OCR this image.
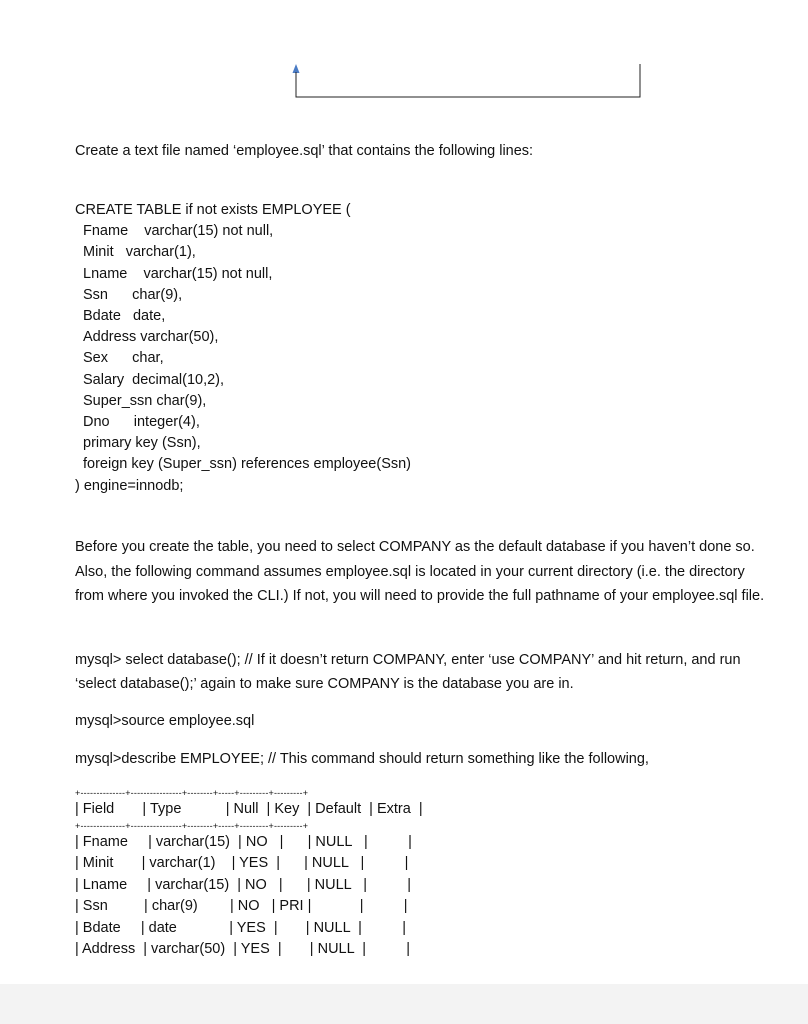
Create a text file named ‘employee.sql’ that contains the following lines:

CREATE TABLE if not exists EMPLOYEE (
Fname    varchar(15) not null,
Minit   varchar(1),
Lname    varchar(15) not null,
Ssn      char(9),
Bdate   date,
Address varchar(50),
Sex      char,
Salary  decimal(10,2),
Super_ssn char(9),
Dno      integer(4),
primary key (Ssn),
foreign key (Super_ssn) references employee(Ssn)
) engine=innodb;

Before you create the table, you need to select COMPANY as the default database if you haven’t done so. Also, the following command assumes employee.sql is located in your current directory (i.e. the directory from where you invoked the CLI.) If not, you will need to provide the full pathname of your employee.sql file.

mysql> select database(); // If it doesn’t return COMPANY, enter ‘use COMPANY’ and hit return, and run ‘select database();’ again to make sure COMPANY is the database you are in.

mysql>source employee.sql

mysql>describe EMPLOYEE; // This command should return something like the following,

+--------------+----------------+--------+-----+---------+---------+
| Field       | Type           | Null  | Key  | Default  | Extra  |
+--------------+----------------+--------+-----+---------+---------+
| Fname     | varchar(15)  | NO   |      | NULL   |          |
| Minit       | varchar(1)    | YES  |      | NULL   |          |
| Lname     | varchar(15)  | NO   |      | NULL   |          |
| Ssn         | char(9)        | NO   | PRI |            |          |
| Bdate     | date             | YES  |       | NULL  |          |
| Address  | varchar(50)  | YES  |       | NULL  |          |
